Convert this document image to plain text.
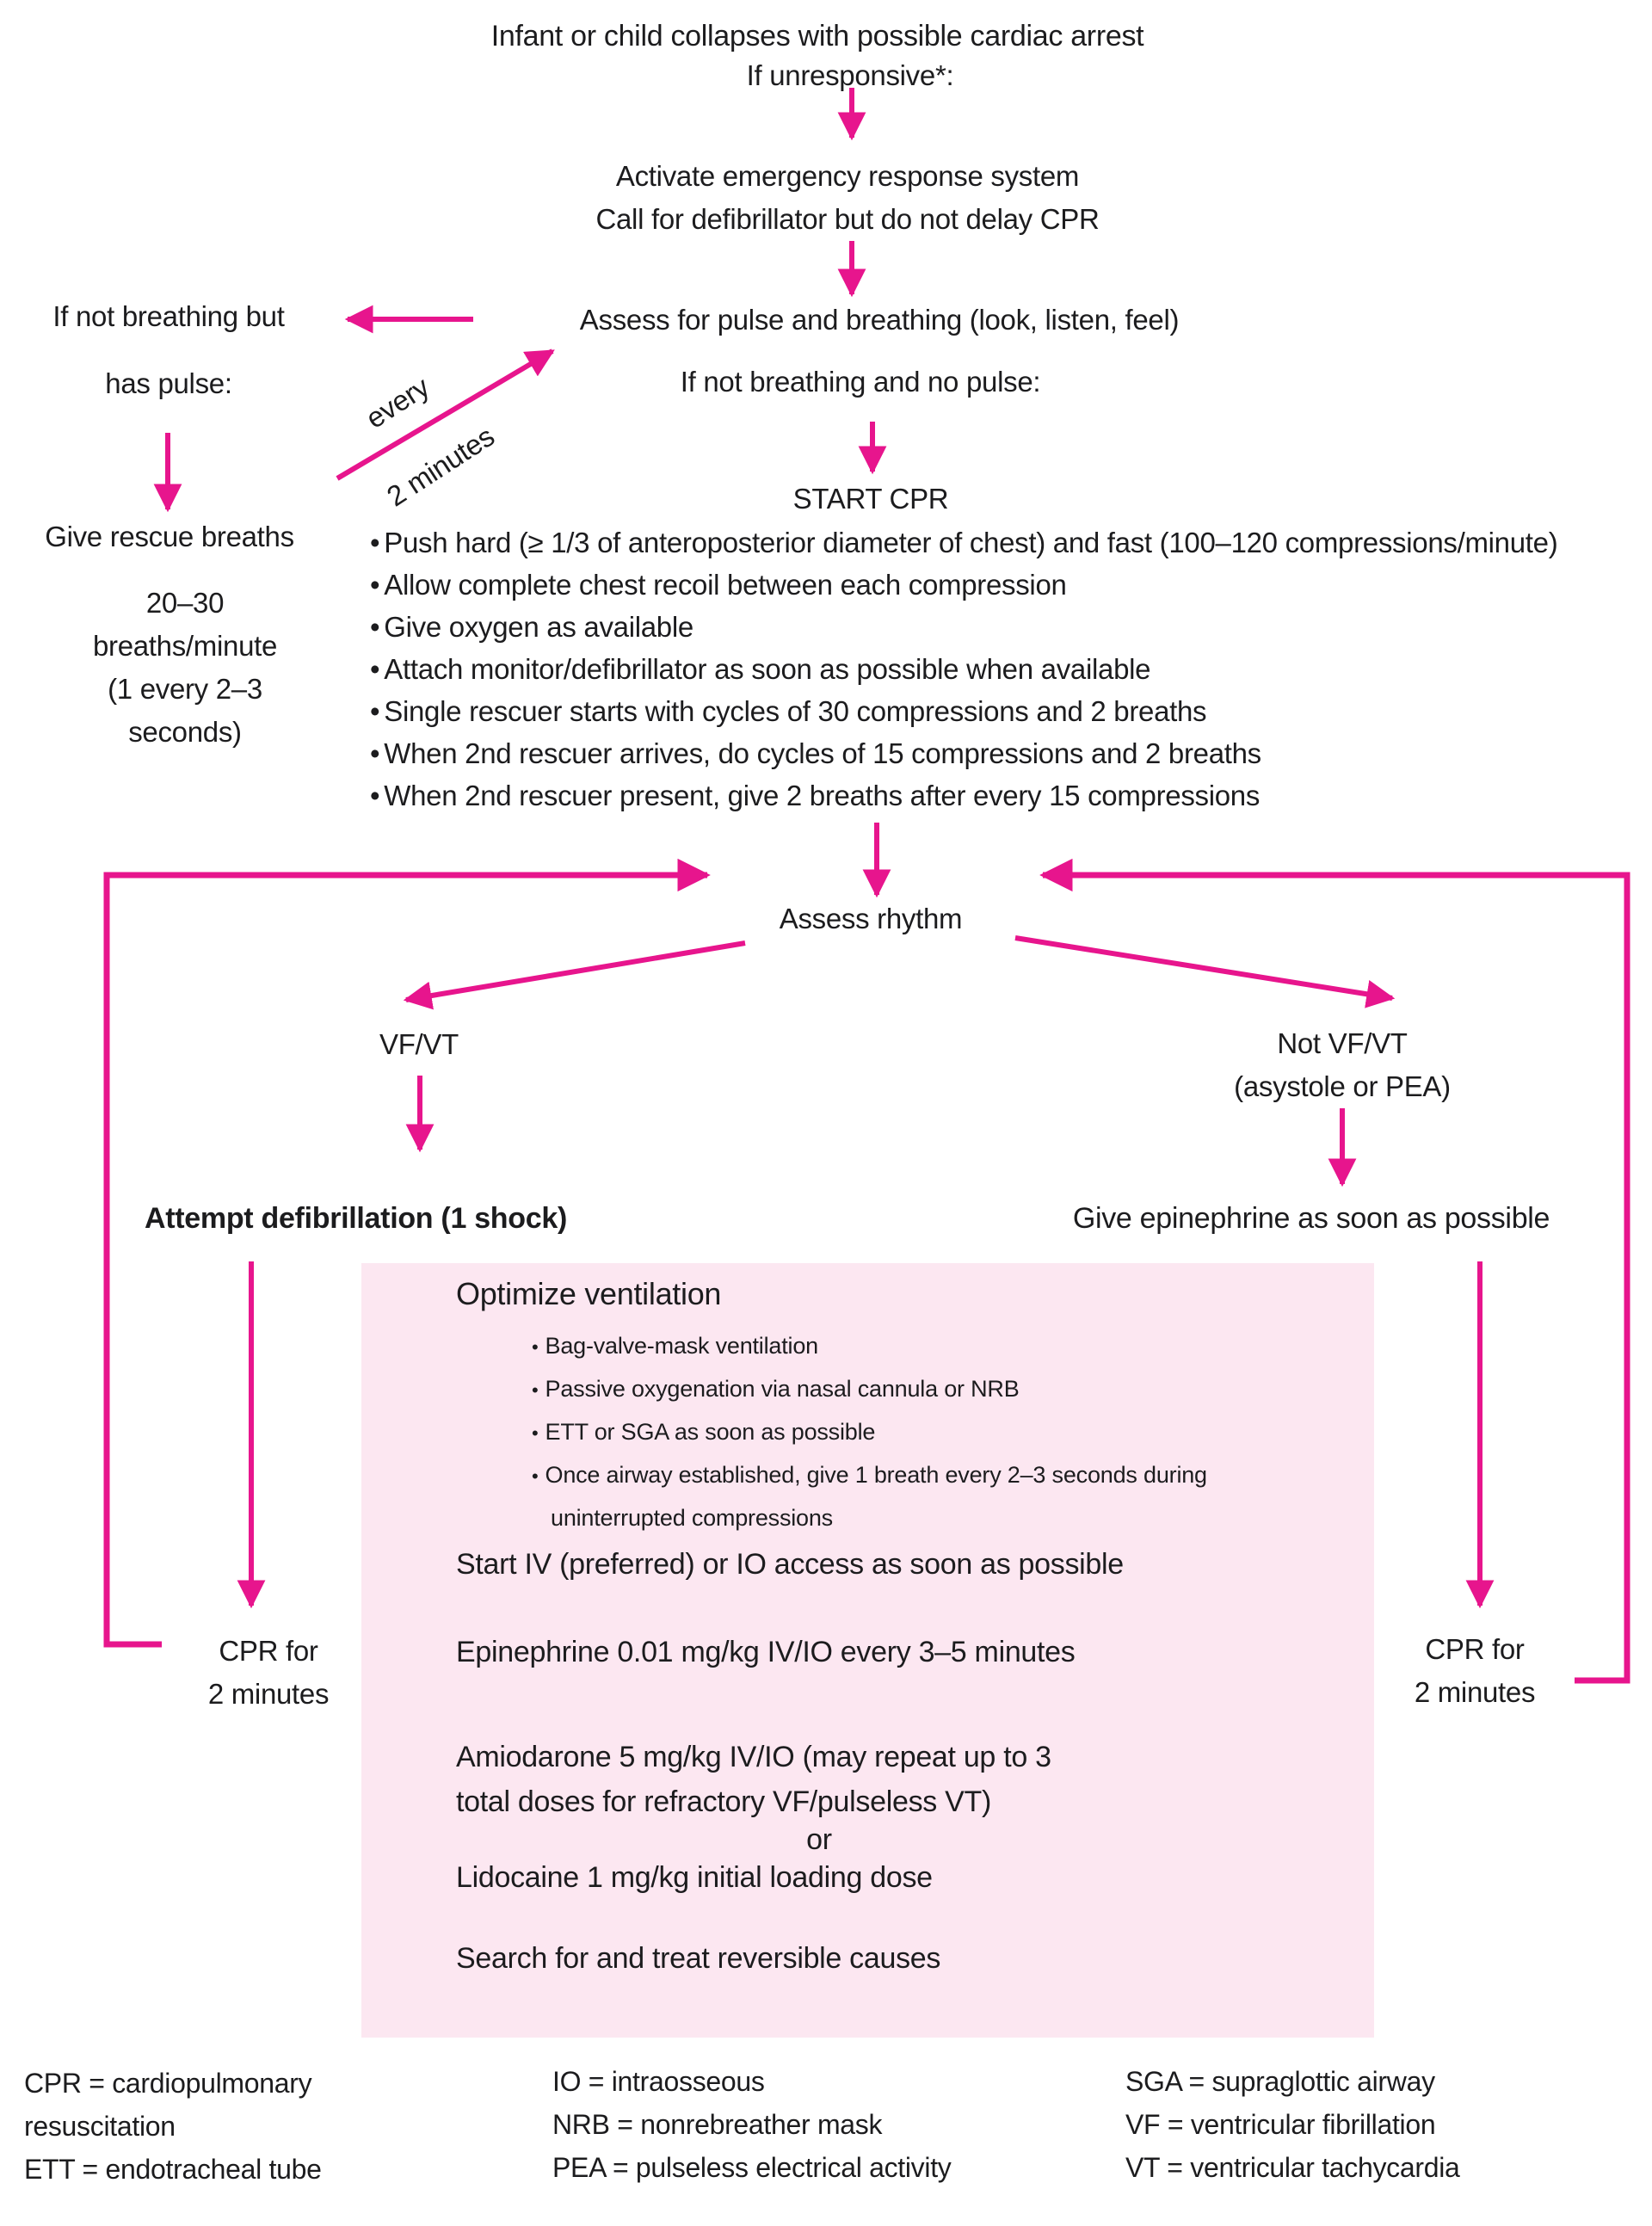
Infant or child collapses with possible cardiac arrest
If unresponsive*:
Activate emergency response system
Call for defibrillator but do not delay CPR
Assess for pulse and breathing (look, listen, feel)
If not breathing but
has pulse:
Give rescue breaths
20–30
breaths/minute
(1 every 2–3
seconds)
every
2 minutes
If not breathing and no pulse:
START CPR
• Push hard (≥ 1/3 of anteroposterior diameter of chest) and fast (100–120 compressions/minute)
• Allow complete chest recoil between each compression
• Give oxygen as available
• Attach monitor/defibrillator as soon as possible when available
• Single rescuer starts with cycles of 30 compressions and 2 breaths
• When 2nd rescuer arrives, do cycles of 15 compressions and 2 breaths
• When 2nd rescuer present, give 2 breaths after every 15 compressions
Assess rhythm
VF/VT	Not VF/VT
(asystole or PEA)
Attempt defibrillation (1 shock)	Give epinephrine as soon as possible
Optimize ventilation
• Bag-valve-mask ventilation
• Passive oxygenation via nasal cannula or NRB
• ETT or SGA as soon as possible
• Once airway established, give 1 breath every 2–3 seconds during uninterrupted compressions
Start IV (preferred) or IO access as soon as possible
Epinephrine 0.01 mg/kg IV/IO every 3–5 minutes
Amiodarone 5 mg/kg IV/IO (may repeat up to 3
total doses for refractory VF/pulseless VT)
or
Lidocaine 1 mg/kg initial loading dose
Search for and treat reversible causes
CPR for
2 minutes
CPR for
2 minutes
CPR = cardiopulmonary resuscitation
ETT = endotracheal tube
IO = intraosseous
NRB = nonrebreather mask
PEA = pulseless electrical activity
SGA = supraglottic airway
VF = ventricular fibrillation
VT = ventricular tachycardia
